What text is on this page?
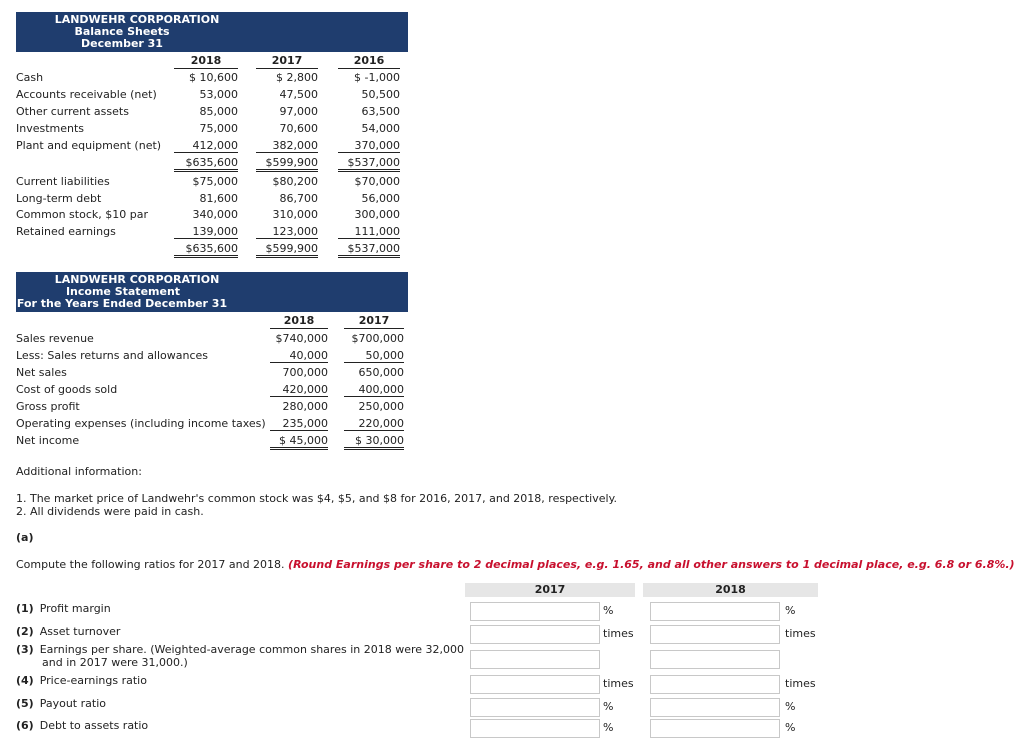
LANDWEHR CORPORATION
Balance Sheets
December 31
2018	2017	2016
Cash	$ 10,600	$ 2,800	$ -1,000
Accounts receivable (net)	53,000	47,500	50,500
Other current assets	85,000	97,000	63,500
Investments	75,000	70,600	54,000
Plant and equipment (net)	412,000	382,000	370,000
$635,600	$599,900	$537,000
Current liabilities	$75,000	$80,200	$70,000
Long-term debt	81,600	86,700	56,000
Common stock, $10 par	340,000	310,000	300,000
Retained earnings	139,000	123,000	111,000
$635,600	$599,900	$537,000
LANDWEHR CORPORATION
Income Statement
For the Years Ended December 31
2018	2017
Sales revenue	$740,000	$700,000
Less: Sales returns and allowances	40,000	50,000
Net sales	700,000	650,000
Cost of goods sold	420,000	400,000
Gross profit	280,000	250,000
Operating expenses (including income taxes)	235,000	220,000
Net income	$ 45,000	$ 30,000
Additional information:
1. The market price of Landwehr's common stock was $4, $5, and $8 for 2016, 2017, and 2018, respectively.
2. All dividends were paid in cash.
(a)
Compute the following ratios for 2017 and 2018. (Round Earnings per share to 2 decimal places, e.g. 1.65, and all other answers to 1 decimal place, e.g. 6.8 or 6.8%.)
2017	2018
(1) Profit margin	%	%
(2) Asset turnover	times	times
(3) Earnings per share. (Weighted-average common shares in 2018 were 32,000
and in 2017 were 31,000.)
(4) Price-earnings ratio	times	times
(5) Payout ratio	%	%
(6) Debt to assets ratio	%	%
